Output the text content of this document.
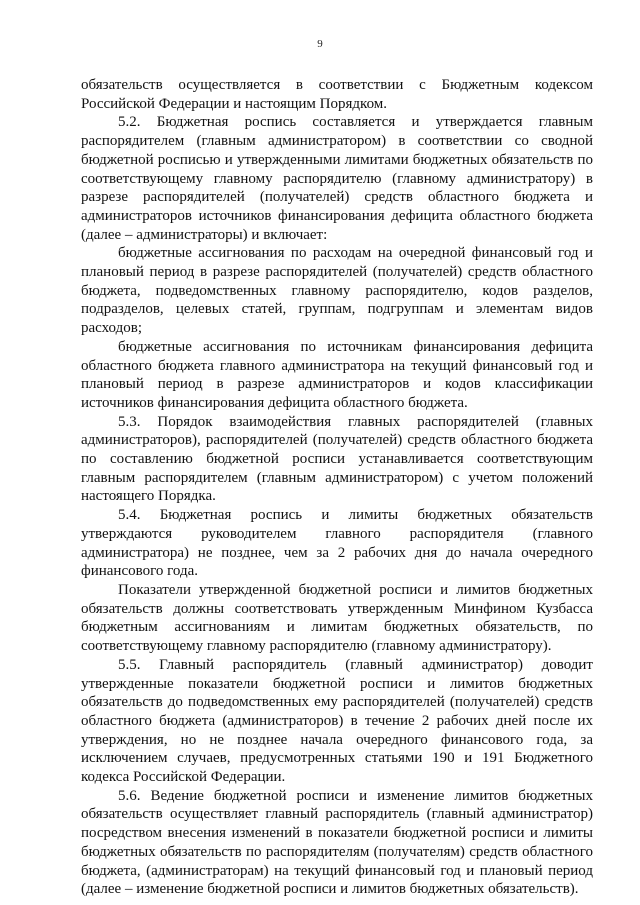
9

обязательств осуществляется в соответствии с Бюджетным кодексом Российской Федерации и настоящим Порядком.

5.2. Бюджетная роспись составляется и утверждается главным распорядителем (главным администратором) в соответствии со сводной бюджетной росписью и утвержденными лимитами бюджетных обязательств по соответствующему главному распорядителю (главному администратору) в разрезе распорядителей (получателей) средств областного бюджета и администраторов источников финансирования дефицита областного бюджета (далее – администраторы) и включает:

бюджетные ассигнования по расходам на очередной финансовый год и плановый период в разрезе распорядителей (получателей) средств областного бюджета, подведомственных главному распорядителю, кодов разделов, подразделов, целевых статей, группам, подгруппам и элементам видов расходов;

бюджетные ассигнования по источникам финансирования дефицита областного бюджета главного администратора на текущий финансовый год и плановый период в разрезе администраторов и кодов классификации источников финансирования дефицита областного бюджета.

5.3. Порядок взаимодействия главных распорядителей (главных администраторов), распорядителей (получателей) средств областного бюджета по составлению бюджетной росписи устанавливается соответствующим главным распорядителем (главным администратором) с учетом положений настоящего Порядка.

5.4. Бюджетная роспись и лимиты бюджетных обязательств утверждаются руководителем главного распорядителя (главного администратора) не позднее, чем за 2 рабочих дня до начала очередного финансового года.

Показатели утвержденной бюджетной росписи и лимитов бюджетных обязательств должны соответствовать утвержденным Минфином Кузбасса бюджетным ассигнованиям и лимитам бюджетных обязательств, по соответствующему главному распорядителю (главному администратору).

5.5. Главный распорядитель (главный администратор) доводит утвержденные показатели бюджетной росписи и лимитов бюджетных обязательств до подведомственных ему распорядителей (получателей) средств областного бюджета (администраторов) в течение 2 рабочих дней после их утверждения, но не позднее начала очередного финансового года, за исключением случаев, предусмотренных статьями 190 и 191 Бюджетного кодекса Российской Федерации.

5.6. Ведение бюджетной росписи и изменение лимитов бюджетных обязательств осуществляет главный распорядитель (главный администратор) посредством внесения изменений в показатели бюджетной росписи и лимиты бюджетных обязательств по распорядителям (получателям) средств областного бюджета, (администраторам) на текущий финансовый год и плановый период (далее – изменение бюджетной росписи и лимитов бюджетных обязательств).
